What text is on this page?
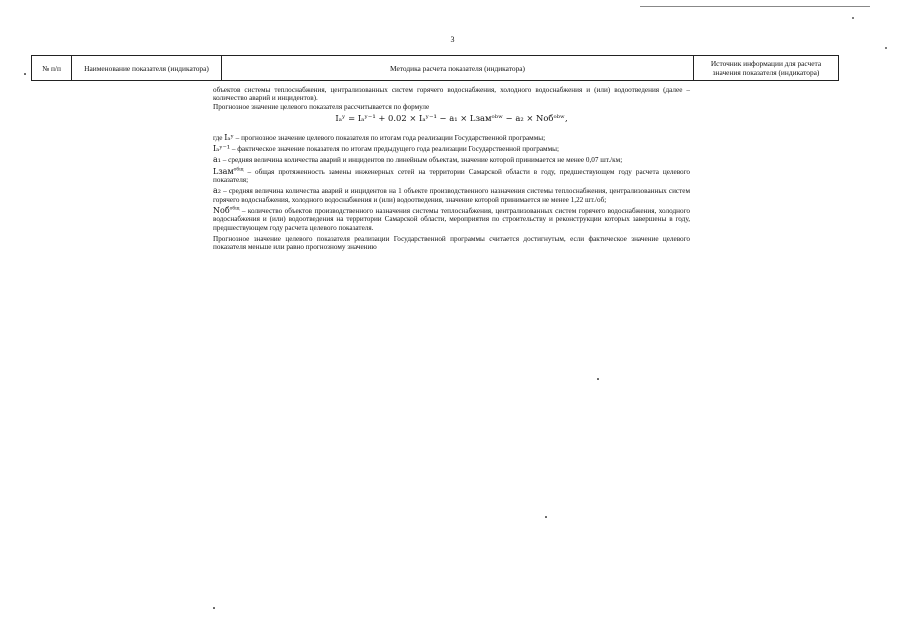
3
№ п/п	Наименование показателя (индикатора)	Методика расчета показателя (индикатора)	Источник информации для расчета значения показателя (индикатора)

объектов системы теплоснабжения, централизованных систем горячего водоснабжения, холодного водоснабжения и (или) водоотведения (далее – количество аварий и инцидентов).

Прогнозное значение целевого показателя рассчитывается по формуле

Iₐʸ = Iₐʸ⁻¹ + 0.02 × Iₐʸ⁻¹ − a₁ × Lзамᵒᵇʷ − a₂ × Nобᵒᵇʷ,

где Iₐʸ – прогнозное значение целевого показателя по итогам года реализации Государственной программы;

Iₐʸ⁻¹ – фактическое значение показателя по итогам предыдущего года реализации Государственной программы;

a₁ – средняя величина количества аварий и инцидентов по линейным объектам, значение которой принимается не менее 0,07 шт./км;

Lзам$^{общ}$ – общая протяженность замены инженерных сетей на территории Самарской области в году, предшествующем году расчета целевого показателя;

a₂ – средняя величина количества аварий и инцидентов на 1 объекте производственного назначения системы теплоснабжения, централизованных систем горячего водоснабжения, холодного водоснабжения и (или) водоотведения, значение которой принимается не менее 1,22 шт./об;

Nоб$^{общ}$ – количество объектов производственного назначения системы теплоснабжения, централизованных систем горячего водоснабжения, холодного водоснабжения и (или) водоотведения на территории Самарской области, мероприятия по строительству и реконструкции которых завершены в году, предшествующем году расчета целевого показателя.

Прогнозное значение целевого показателя реализации Государственной программы считается достигнутым, если фактическое значение целевого показателя меньше или равно прогнозному значению
